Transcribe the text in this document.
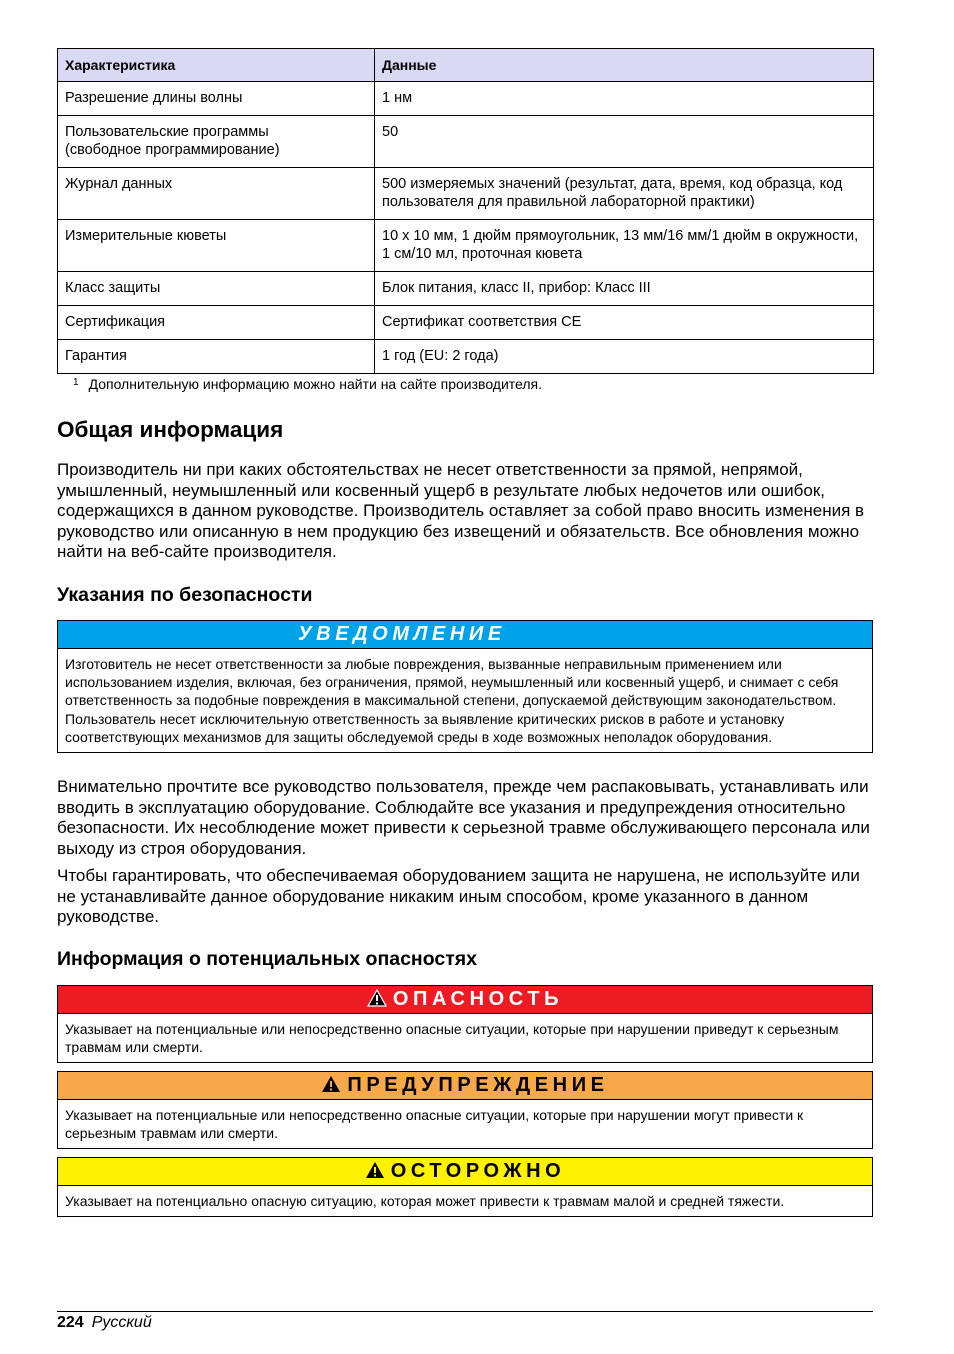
Характеристика	Данные
Разрешение длины волны	1 нм
Пользовательские программы (свободное программирование)	50
Журнал данных	500 измеряемых значений (результат, дата, время, код образца, код пользователя для правильной лабораторной практики)
Измерительные кюветы	10 x 10 мм, 1 дюйм прямоугольник, 13 мм/16 мм/1 дюйм в окружности, 1 см/10 мл, проточная кювета
Класс защиты	Блок питания, класс II, прибор: Класс III
Сертификация	Сертификат соответствия CE
Гарантия	1 год (EU: 2 года)
$^1$ Дополнительную информацию можно найти на сайте производителя.
Общая информация

Производитель ни при каких обстоятельствах не несет ответственности за прямой, непрямой, умышленный, неумышленный или косвенный ущерб в результате любых недочетов или ошибок, содержащихся в данном руководстве. Производитель оставляет за собой право вносить изменения в руководство или описанную в нем продукцию без извещений и обязательств. Все обновления можно найти на веб-сайте производителя.

Указания по безопасности
УВЕДОМЛЕНИЕ
Изготовитель не несет ответственности за любые повреждения, вызванные неправильным применением или использованием изделия, включая, без ограничения, прямой, неумышленный или косвенный ущерб, и снимает с себя ответственность за подобные повреждения в максимальной степени, допускаемой действующим законодательством. Пользователь несет исключительную ответственность за выявление критических рисков в работе и установку соответствующих механизмов для защиты обследуемой среды в ходе возможных неполадок оборудования.

Внимательно прочтите все руководство пользователя, прежде чем распаковывать, устанавливать или вводить в эксплуатацию оборудование. Соблюдайте все указания и предупреждения относительно безопасности. Их несоблюдение может привести к серьезной травме обслуживающего персонала или выходу из строя оборудования.

Чтобы гарантировать, что обеспечиваемая оборудованием защита не нарушена, не используйте или не устанавливайте данное оборудование никаким иным способом, кроме указанного в данном руководстве.

Информация о потенциальных опасностях
ОПАСНОСТЬ
Указывает на потенциальные или непосредственно опасные ситуации, которые при нарушении приведут к серьезным травмам или смерти.
ПРЕДУПРЕЖДЕНИЕ
Указывает на потенциальные или непосредственно опасные ситуации, которые при нарушении могут привести к серьезным травмам или смерти.
ОСТОРОЖНО
Указывает на потенциально опасную ситуацию, которая может привести к травмам малой и средней тяжести.
224 Русский
